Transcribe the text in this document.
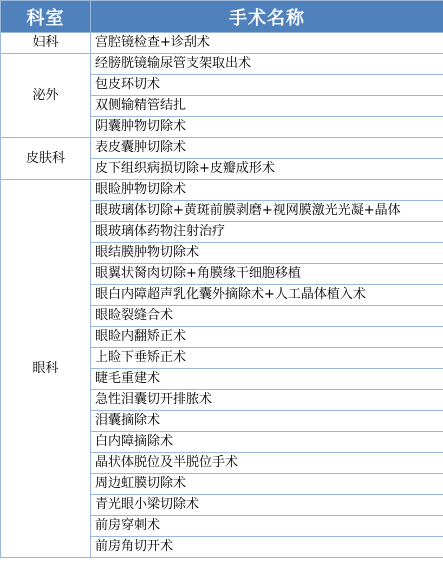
科室	手术名称
妇科	宫腔镜检查+诊刮术
泌外	经膀胱镜输尿管支架取出术
	包皮环切术
	双侧输精管结扎
	阴囊肿物切除术
皮肤科	表皮囊肿切除术
	皮下组织病损切除+皮瓣成形术
眼科	眼睑肿物切除术
	眼玻璃体切除+黄斑前膜剥磨+视网膜激光光凝+晶体
	眼玻璃体药物注射治疗
	眼结膜肿物切除术
	眼翼状胬肉切除+角膜缘干细胞移植
	眼白内障超声乳化囊外摘除术+人工晶体植入术
	眼睑裂缝合术
	眼睑内翻矫正术
	上睑下垂矫正术
	睫毛重建术
	急性泪囊切开排脓术
	泪囊摘除术
	白内障摘除术
	晶状体脱位及半脱位手术
	周边虹膜切除术
	青光眼小梁切除术
	前房穿刺术
	前房角切开术
